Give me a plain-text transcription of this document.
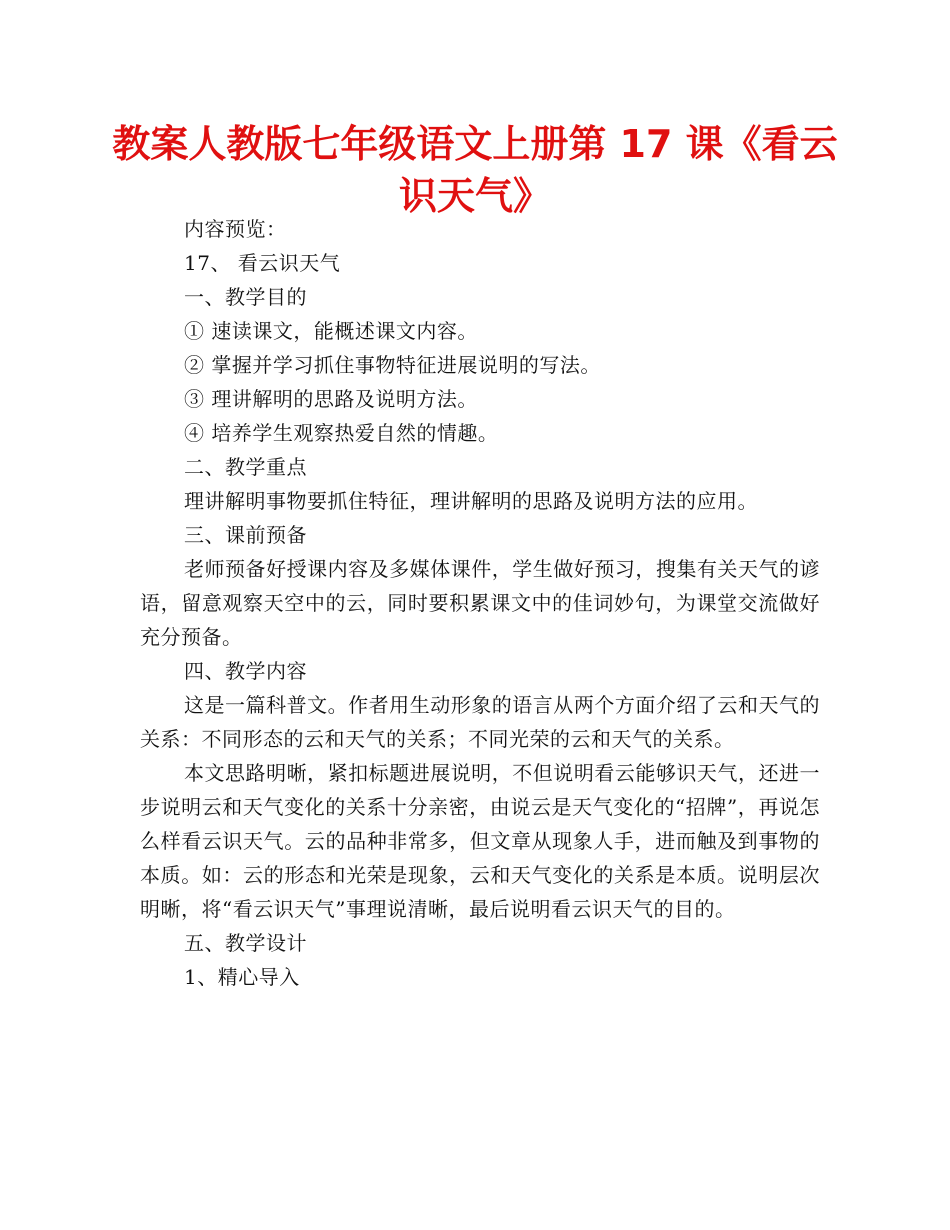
教案人教版七年级语文上册第 17 课《看云识天气》

内容预览：

17、 看云识天气

一、教学目的

① 速读课文，能概述课文内容。

② 掌握并学习抓住事物特征进展说明的写法。

③ 理讲解明的思路及说明方法。

④ 培养学生观察热爱自然的情趣。

二、教学重点

理讲解明事物要抓住特征，理讲解明的思路及说明方法的应用。

三、课前预备

老师预备好授课内容及多媒体课件，学生做好预习，搜集有关天气的谚语，留意观察天空中的云，同时要积累课文中的佳词妙句，为课堂交流做好充分预备。

四、教学内容

这是一篇科普文。作者用生动形象的语言从两个方面介绍了云和天气的关系：不同形态的云和天气的关系；不同光荣的云和天气的关系。

本文思路明晰，紧扣标题进展说明，不但说明看云能够识天气，还进一步说明云和天气变化的关系十分亲密，由说云是天气变化的“招牌”，再说怎么样看云识天气。云的品种非常多，但文章从现象人手，进而触及到事物的本质。如：云的形态和光荣是现象，云和天气变化的关系是本质。说明层次明晰，将“看云识天气”事理说清晰，最后说明看云识天气的目的。

五、教学设计

1、精心导入
